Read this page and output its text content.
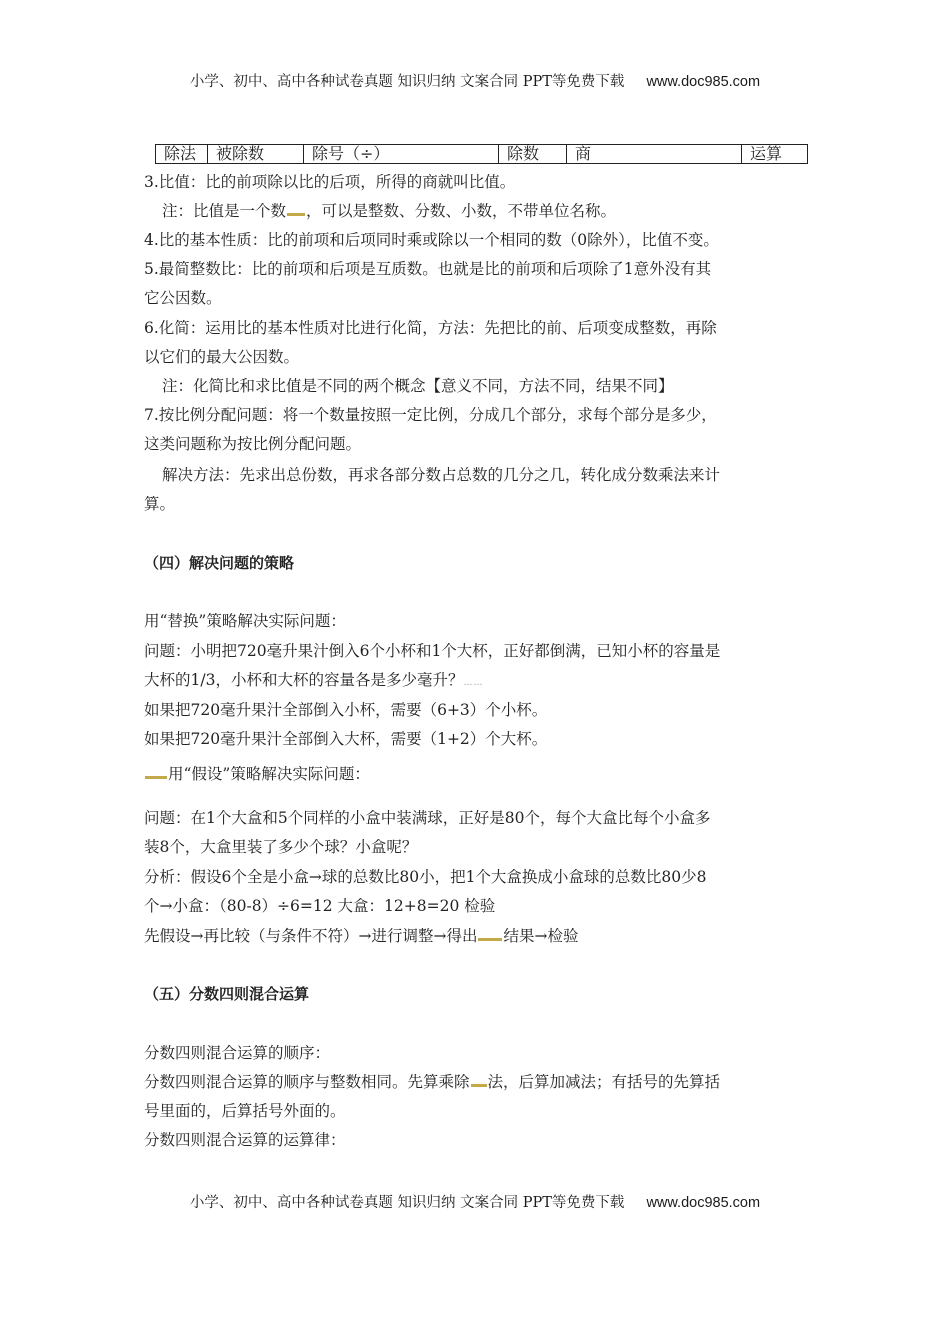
小学、初中、高中各种试卷真题 知识归纳 文案合同 PPT等免费下载 www.doc985.com
除法	被除数	除号（÷）	除数	商	运算
3.比值：比的前项除以比的后项，所得的商就叫比值。
注：比值是一个数 ，可以是整数、分数、小数，不带单位名称。
4.比的基本性质：比的前项和后项同时乘或除以一个相同的数（0除外），比值不变。
5.最简整数比：比的前项和后项是互质数。也就是比的前项和后项除了1意外没有其
它公因数。
6.化简：运用比的基本性质对比进行化简，方法：先把比的前、后项变成整数，再除
以它们的最大公因数。
注：化简比和求比值是不同的两个概念【意义不同，方法不同，结果不同】
7.按比例分配问题：将一个数量按照一定比例，分成几个部分，求每个部分是多少，
这类问题称为按比例分配问题。
解决方法：先求出总份数，再求各部分数占总数的几分之几，转化成分数乘法来计
算。
（四）解决问题的策略
用“替换”策略解决实际问题：
问题：小明把720毫升果汁倒入6个小杯和1个大杯，正好都倒满，已知小杯的容量是
大杯的1/3，小杯和大杯的容量各是多少毫升？……
如果把720毫升果汁全部倒入小杯，需要（6+3）个小杯。
如果把720毫升果汁全部倒入大杯，需要（1+2）个大杯。
用“假设”策略解决实际问题：
问题：在1个大盒和5个同样的小盒中装满球，正好是80个，每个大盒比每个小盒多
装8个，大盒里装了多少个球？小盒呢？
分析：假设6个全是小盒→球的总数比80小，把1个大盒换成小盒球的总数比80少8
个→小盒：（80-8）÷6=12 大盒：12+8=20 检验
先假设→再比较（与条件不符）→进行调整→得出 结果→检验
（五）分数四则混合运算
分数四则混合运算的顺序：
分数四则混合运算的顺序与整数相同。先算乘除 法，后算加减法；有括号的先算括
号里面的，后算括号外面的。
分数四则混合运算的运算律：
小学、初中、高中各种试卷真题 知识归纳 文案合同 PPT等免费下载 www.doc985.com
